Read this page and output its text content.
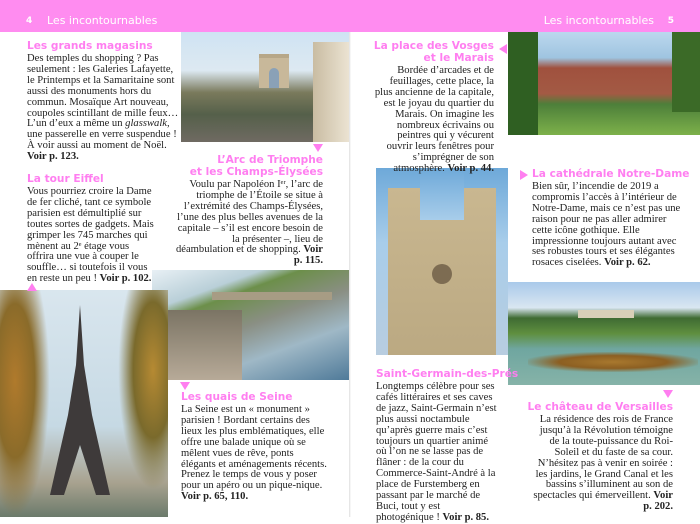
4 Les incontournables	Les incontournables 5
Les grands magasins
Des temples du shopping ? Pas seulement : les Galeries Lafayette, le Printemps et la Samaritaine sont aussi des monuments hors du commun. Mosaïque Art nouveau, coupoles scintillant de mille feux… L’un d’eux a même un glasswalk, une passerelle en verre suspendue ! À voir aussi au moment de Noël. Voir p. 123.
La tour Eiffel
Vous pourriez croire la Dame de fer cliché, tant ce symbole parisien est démultiplié sur toutes sortes de gadgets. Mais grimper les 745 marches qui mènent au 2ᵉ étage vous offrira une vue à couper le souffle… si toutefois il vous en reste un peu ! Voir p. 102.
L’Arc de Triomphe
et les Champs-Élysées
Voulu par Napoléon Iᵉʳ, l’arc de triomphe de l’Étoile se situe à l’extrémité des Champs-Élysées, l’une des plus belles avenues de la capitale – s’il est encore besoin de la présenter –, lieu de déambulation et de shopping. Voir p. 115.
Les quais de Seine
La Seine est un « monument » parisien ! Bordant certains des lieux les plus emblématiques, elle offre une balade unique où se mêlent vues de rêve, ponts élégants et aménagements récents. Prenez le temps de vous y poser pour un apéro ou un pique-nique. Voir p. 65, 110.
La place des Vosges
et le Marais
Bordée d’arcades et de feuillages, cette place, la plus ancienne de la capitale, est le joyau du quartier du Marais. On imagine les nombreux écrivains ou peintres qui y vécurent ouvrir leurs fenêtres pour s’imprégner de son atmosphère. Voir p. 44.	La cathédrale Notre-Dame
Bien sûr, l’incendie de 2019 a compromis l’accès à l’intérieur de Notre-Dame, mais ce n’est pas une raison pour ne pas aller admirer cette icône gothique. Elle impressionne toujours autant avec ses robustes tours et ses élégantes rosaces ciselées. Voir p. 62.
Saint-Germain-des-Prés
Longtemps célèbre pour ses cafés littéraires et ses caves de jazz, Saint-Germain n’est plus aussi noctambule qu’après guerre mais c’est toujours un quartier animé où l’on ne se lasse pas de flâner : de la cour du Commerce-Saint-André à la place de Furstemberg en passant par le marché de Buci, tout y est photogénique ! Voir p. 85.
Le château de Versailles
La résidence des rois de France jusqu’à la Révolution témoigne de la toute-puissance du Roi-Soleil et du faste de sa cour. N’hésitez pas à venir en soirée : les jardins, le Grand Canal et les bassins s’illuminent au son de spectacles qui émerveillent. Voir p. 202.
